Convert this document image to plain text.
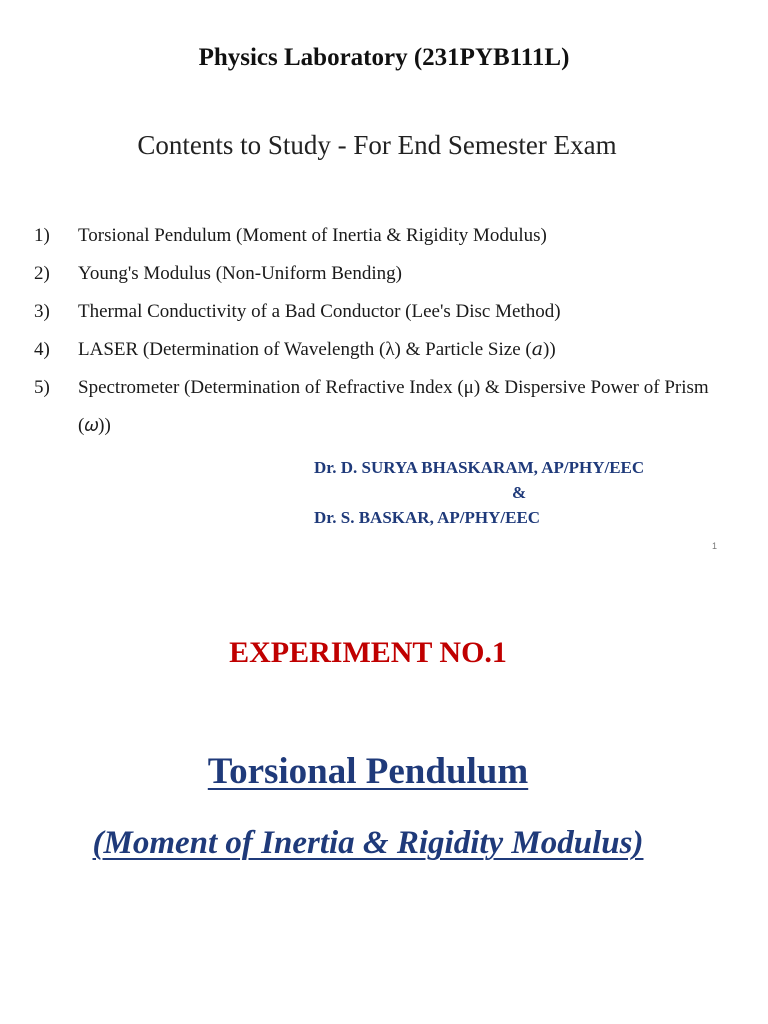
Physics Laboratory (231PYB111L)
Contents to Study - For End Semester Exam
1)	Torsional Pendulum (Moment of Inertia & Rigidity Modulus)
2)	Young's Modulus (Non-Uniform Bending)
3)	Thermal Conductivity of a Bad Conductor (Lee's Disc Method)
4)	LASER (Determination of Wavelength (λ) & Particle Size (𝑎))
5)	Spectrometer (Determination of Refractive Index (μ) & Dispersive Power of Prism (𝜔))
Dr. D. SURYA BHASKARAM, AP/PHY/EEC
&
Dr. S. BASKAR, AP/PHY/EEC
1
EXPERIMENT NO.1
Torsional Pendulum
(Moment of Inertia & Rigidity Modulus)
